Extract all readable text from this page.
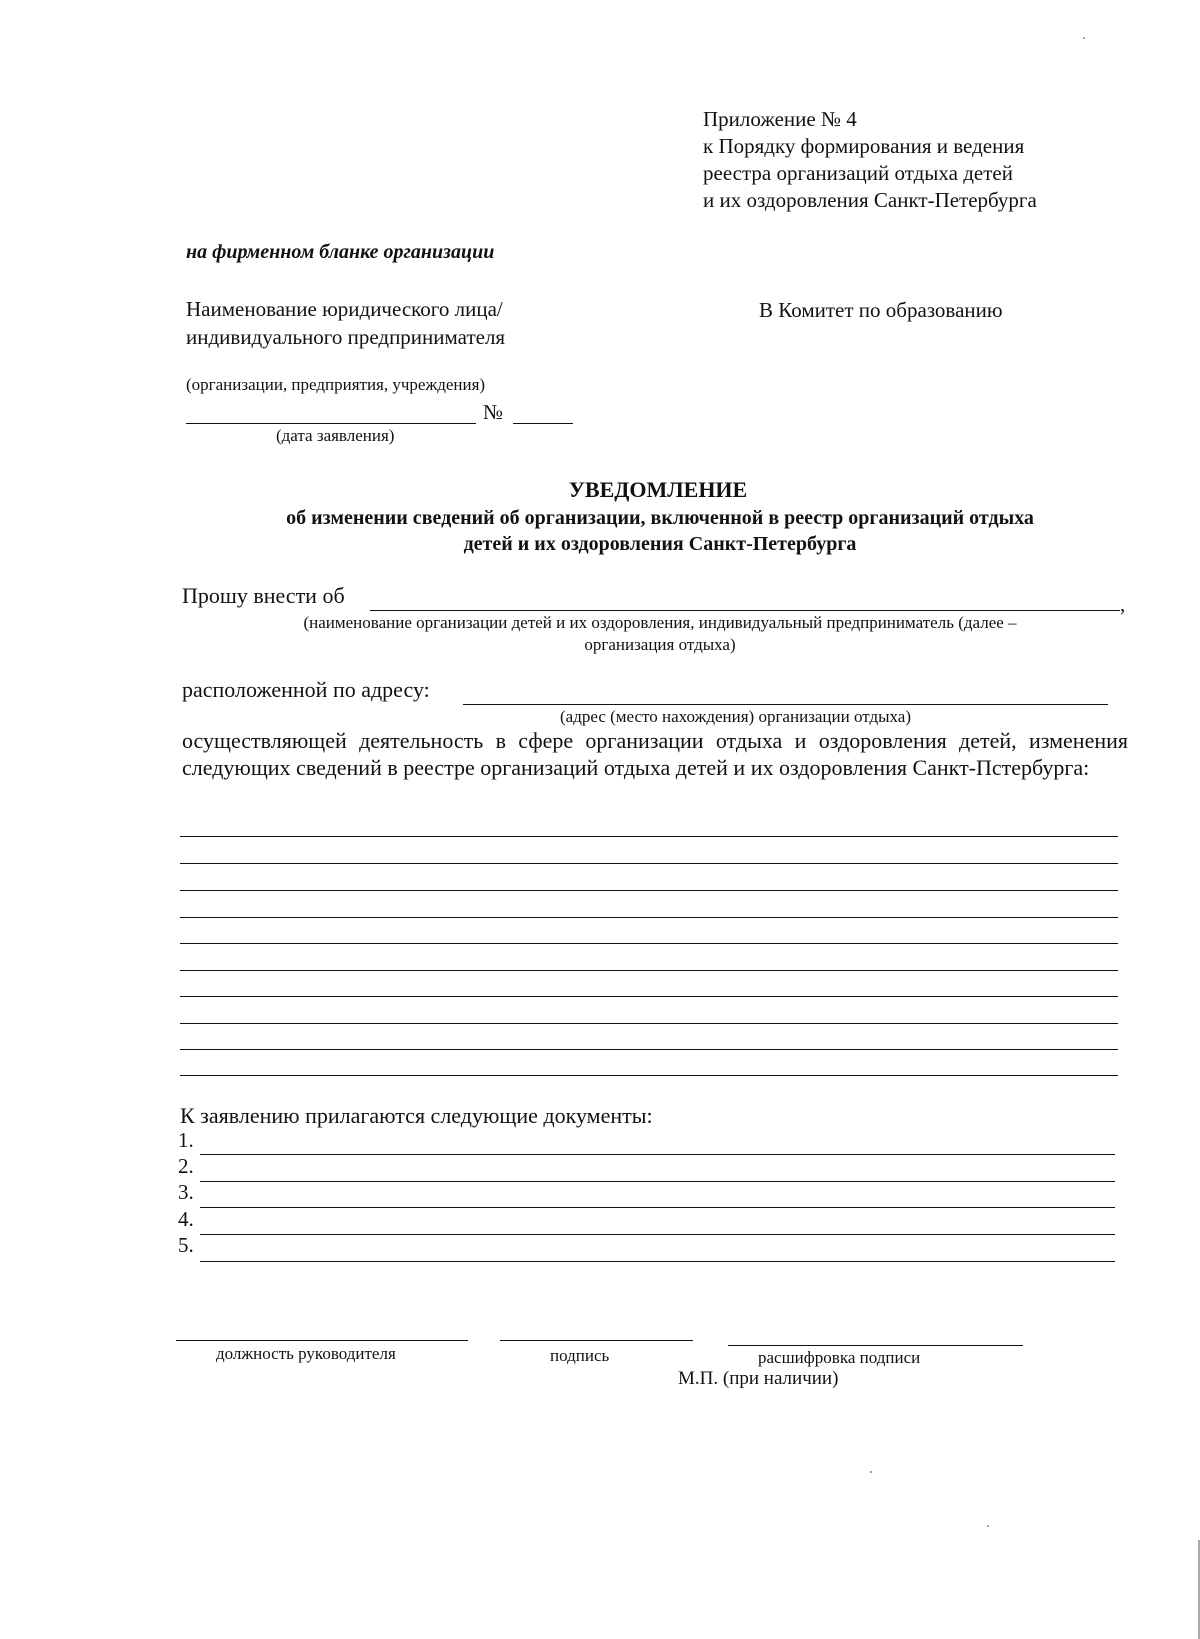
Приложение № 4
к Порядку формирования и ведения
реестра организаций отдыха детей
и их оздоровления Санкт-Петербурга
на фирменном бланке организации
Наименование юридического лица/
индивидуального предпринимателя
В Комитет по образованию
(организации, предприятия, учреждения)
№
(дата заявления)
УВЕДОМЛЕНИЕ
об изменении сведений об организации, включенной в реестр организаций отдыха
детей и их оздоровления Санкт-Петербурга
Прошу внести об	,
(наименование организации детей и их оздоровления, индивидуальный предприниматель (далее –
организация отдыха)
расположенной по адресу:
(адрес (место нахождения) организации отдыха)
осуществляющей деятельность в сфере организации отдыха и оздоровления детей, изменения следующих сведений в реестре организаций отдыха детей и их оздоровления Санкт-Пстербурга:
К заявлению прилагаются следующие документы:
1.
2.
3.
4.
5.
должность руководителя	подпись	расшифровка подписи
М.П. (при наличии)
